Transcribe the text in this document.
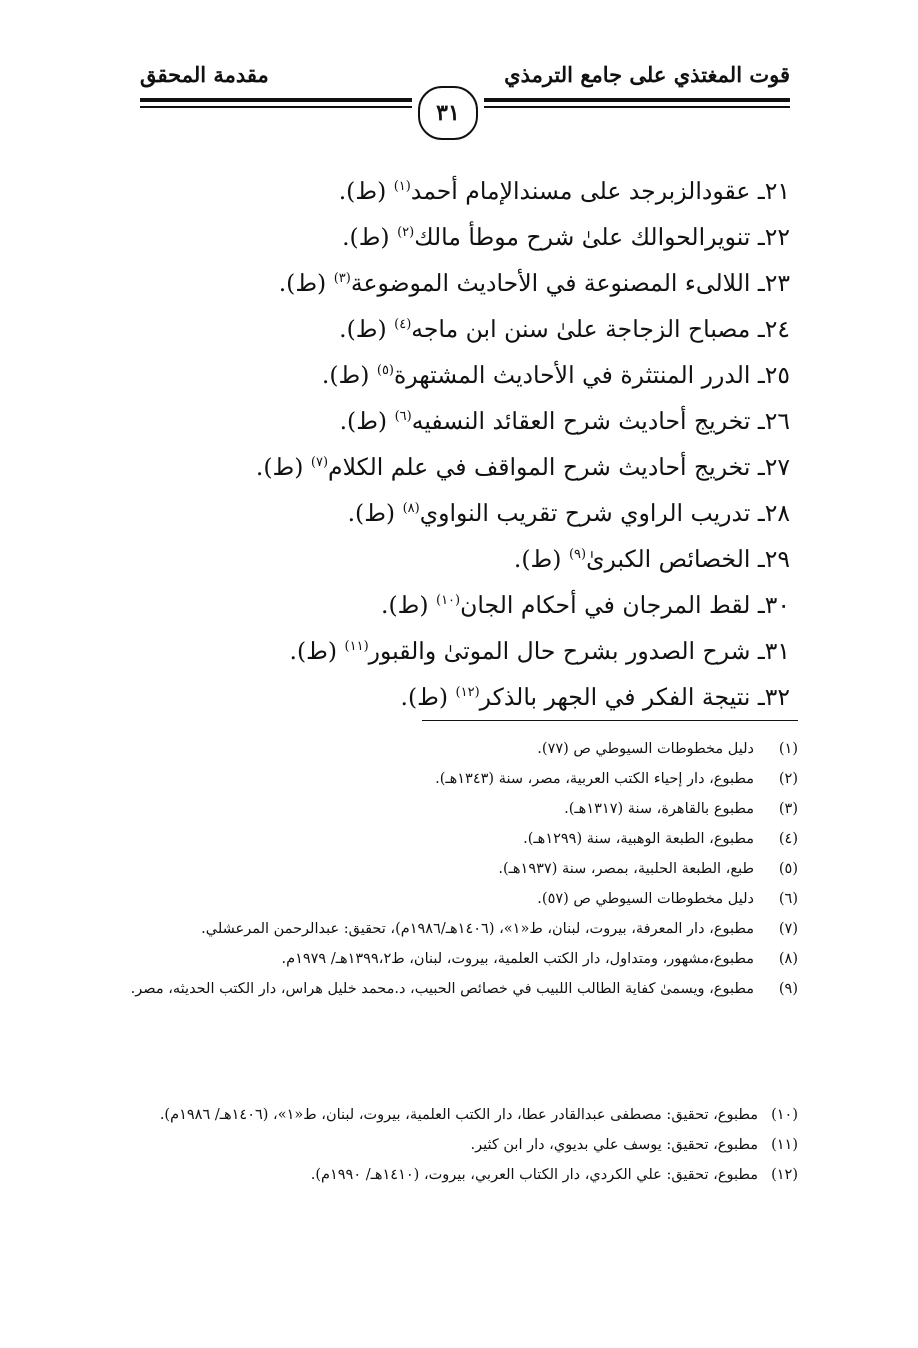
قوت المغتذي على جامع الترمذي
مقدمة المحقق
٣١
٢١ـ عقودالزبرجد على مسندالإمام أحمد$^{(١)}$ (ط).
٢٢ـ تنويرالحوالك علىٰ شرح موطأ مالك$^{(٢)}$ (ط).
٢٣ـ اللالىء المصنوعة في الأحاديث الموضوعة$^{(٣)}$ (ط).
٢٤ـ مصباح الزجاجة علىٰ سنن ابن ماجه$^{(٤)}$ (ط).
٢٥ـ الدرر المنتثرة في الأحاديث المشتهرة$^{(٥)}$ (ط).
٢٦ـ تخريج أحاديث شرح العقائد النسفيه$^{(٦)}$ (ط).
٢٧ـ تخريج أحاديث شرح المواقف في علم الكلام$^{(٧)}$ (ط).
٢٨ـ تدريب الراوي شرح تقريب النواوي$^{(٨)}$ (ط).
٢٩ـ الخصائص الكبرىٰ$^{(٩)}$ (ط).
٣٠ـ لقط المرجان في أحكام الجان$^{(١٠)}$ (ط).
٣١ـ شرح الصدور بشرح حال الموتىٰ والقبور$^{(١١)}$ (ط).
٣٢ـ نتيجة الفكر في الجهر بالذكر$^{(١٢)}$ (ط).
(١)
دليل مخطوطات السيوطي ص (٧٧).
(٢)
مطبوع، دار إحياء الكتب العربية، مصر، سنة (١٣٤٣هـ).
(٣)
مطبوع بالقاهرة، سنة (١٣١٧هـ).
(٤)
مطبوع، الطبعة الوهبية، سنة (١٢٩٩هـ).
(٥)
طبع، الطبعة الحلبية، بمصر، سنة (١٩٣٧هـ).
(٦)
دليل مخطوطات السيوطي ص (٥٧).
(٧)
مطبوع، دار المعرفة، بيروت، لبنان، ط«١»، (١٤٠٦هـ/١٩٨٦م)، تحقيق: عبدالرحمن المرعشلي.
(٨)
مطبوع،مشهور، ومتداول، دار الكتب العلمية، بيروت، لبنان، ط١٣٩٩،٢هـ/ ١٩٧٩م.
(٩)
مطبوع، ويسمىٰ كفاية الطالب اللبيب في خصائص الحبيب، د.محمد خليل هراس، دار الكتب الحديثه، مصر.
(١٠)
مطبوع، تحقيق: مصطفى عبدالقادر عطا، دار الكتب العلمية، بيروت، لبنان، ط«١»، (١٤٠٦هـ/ ١٩٨٦م).
(١١)
مطبوع، تحقيق: يوسف علي بديوي، دار ابن كثير.
(١٢)
مطبوع، تحقيق: علي الكردي، دار الكتاب العربي، بيروت، (١٤١٠هـ/ ١٩٩٠م).
